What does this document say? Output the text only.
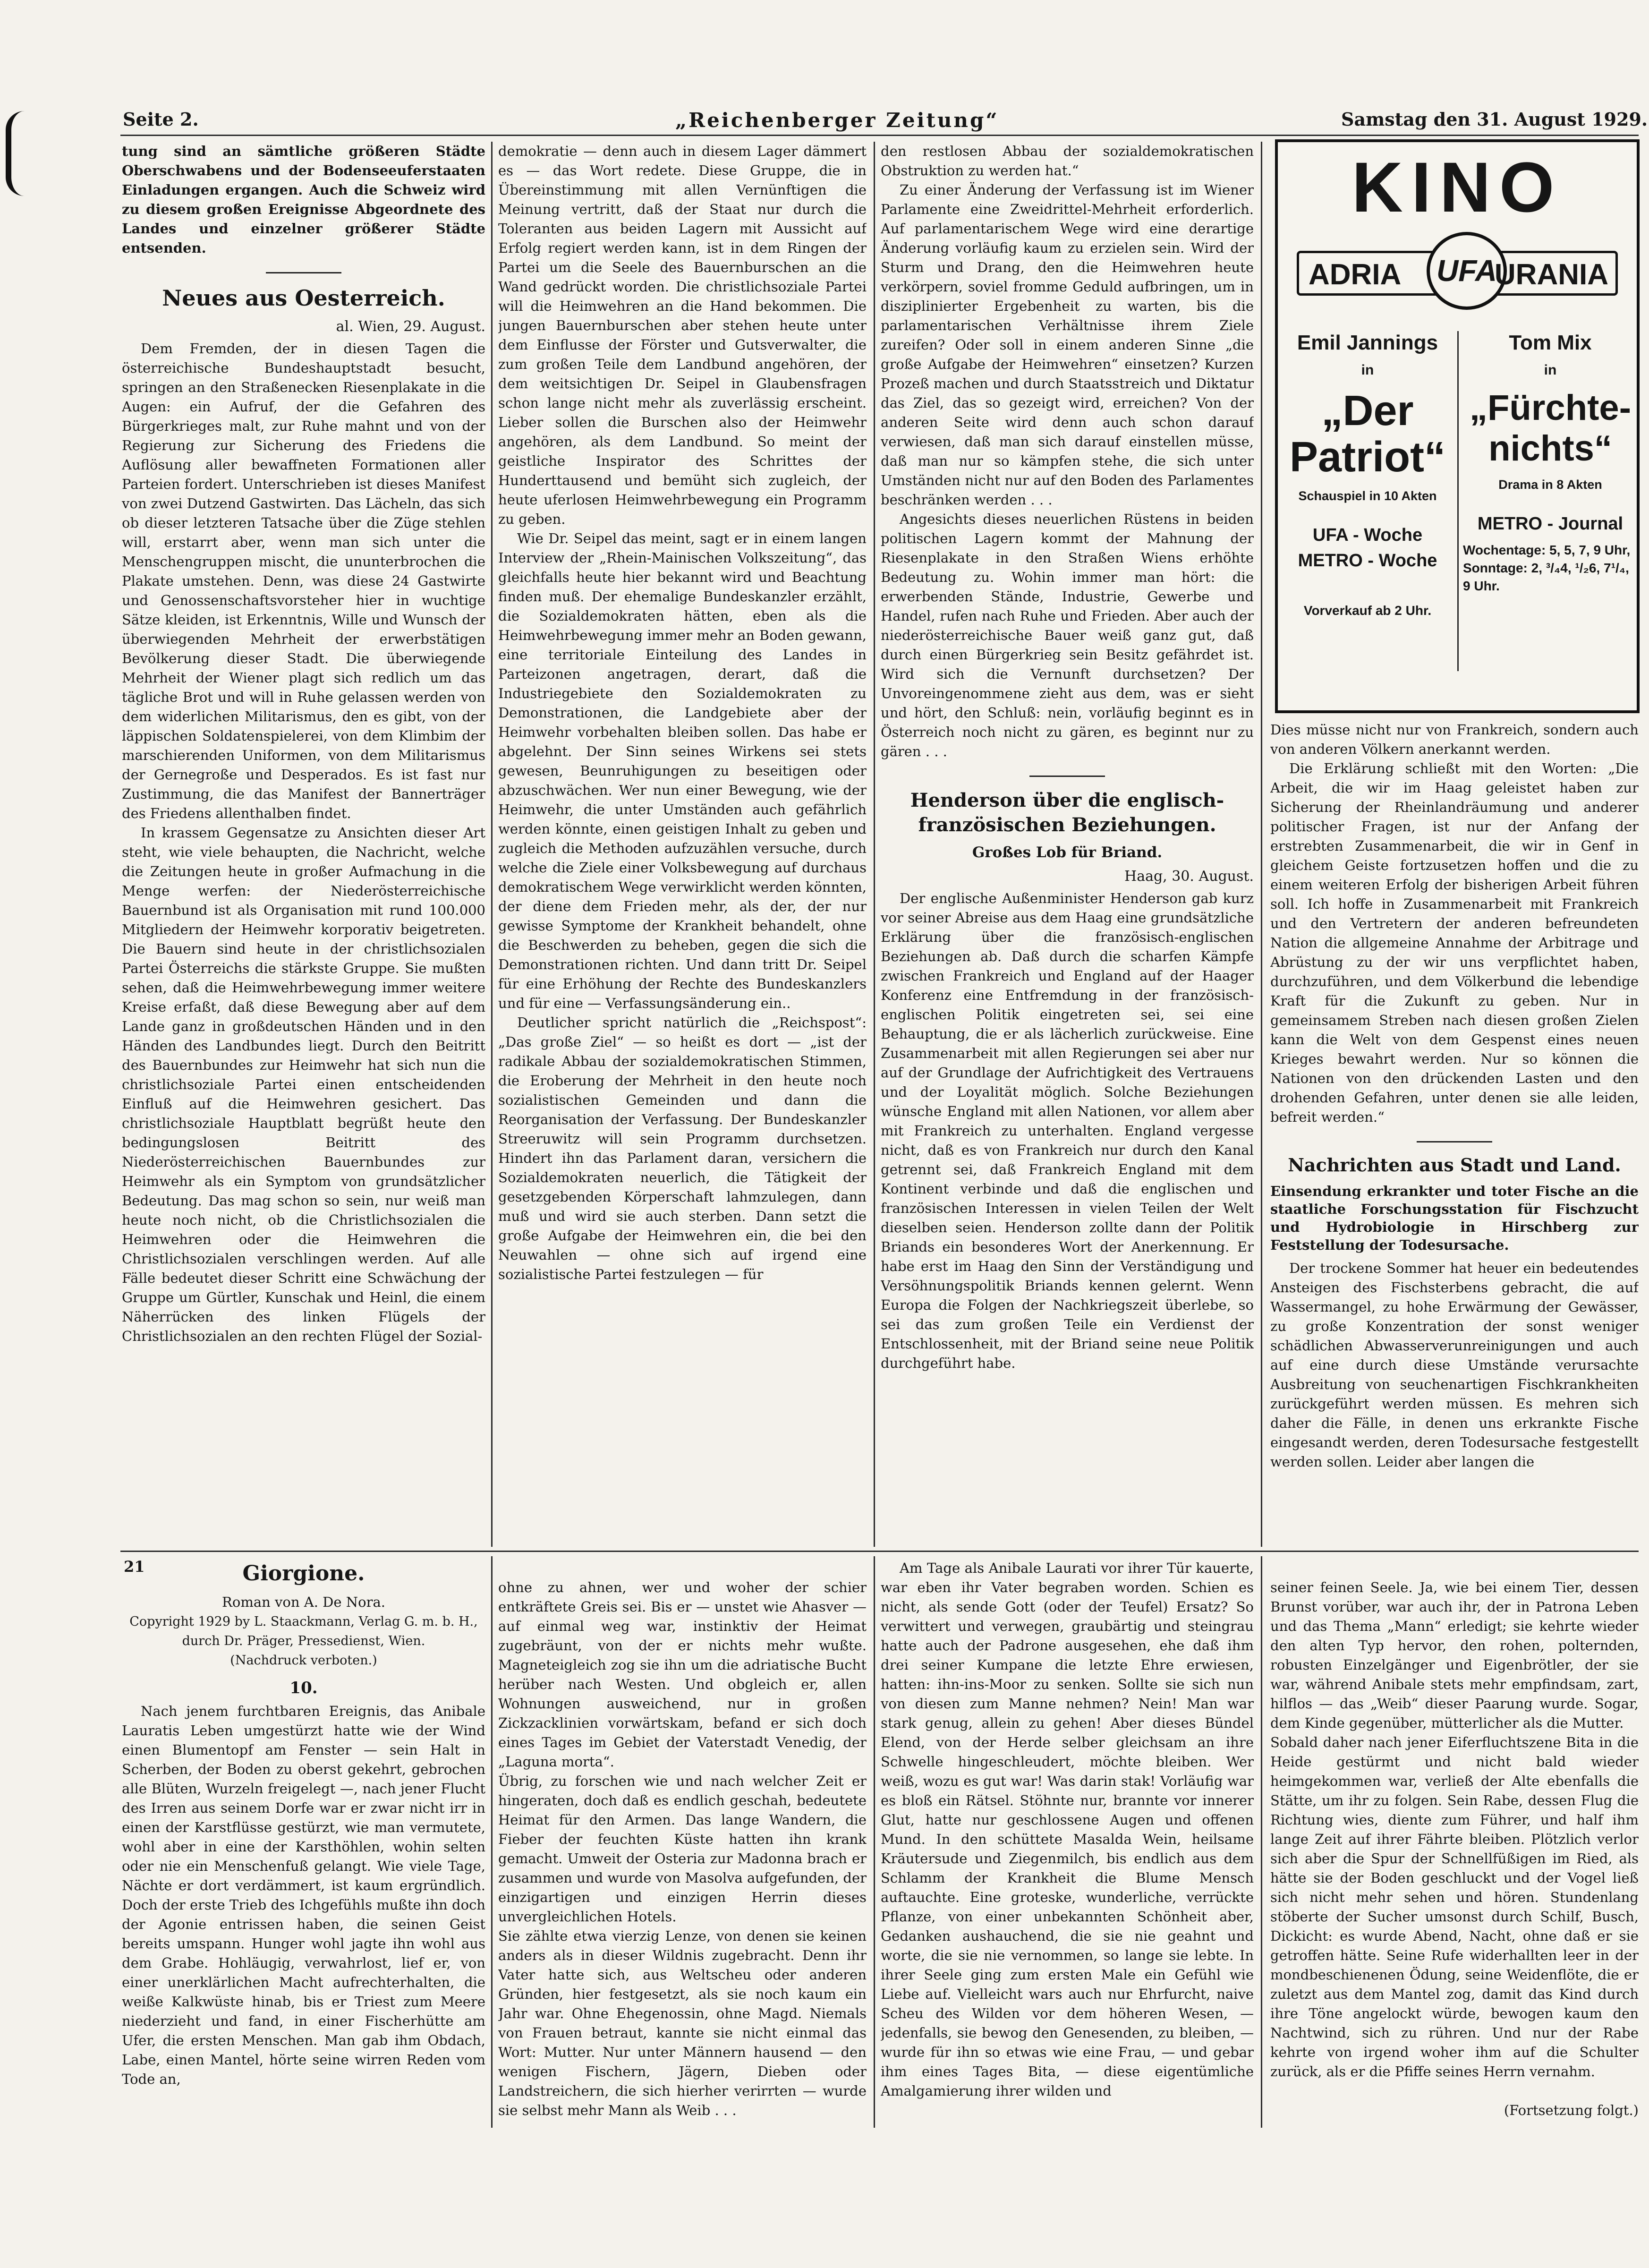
Seite 2.	„Reichenberger Zeitung“	Samstag den 31. August 1929.

tung sind an sämtliche größeren Städte Oberschwabens und der Bodenseeuferstaaten Einladungen ergangen. Auch die Schweiz wird zu diesem großen Ereignisse Abgeordnete des Landes und einzelner größerer Städte entsenden.

Neues aus Oesterreich.
al. Wien, 29. August.

Dem Fremden, der in diesen Tagen die österreichische Bundeshauptstadt besucht, springen an den Straßenecken Riesenplakate in die Augen: ein Aufruf, der die Gefahren des Bürgerkrieges malt, zur Ruhe mahnt und von der Regierung zur Sicherung des Friedens die Auflösung aller bewaffneten Formationen aller Parteien fordert. Unterschrieben ist dieses Manifest von zwei Dutzend Gastwirten. Das Lächeln, das sich ob dieser letzteren Tatsache über die Züge stehlen will, erstarrt aber, wenn man sich unter die Menschengruppen mischt, die ununterbrochen die Plakate umstehen. Denn, was diese 24 Gastwirte und Genossenschaftsvorsteher hier in wuchtige Sätze kleiden, ist Erkenntnis, Wille und Wunsch der überwiegenden Mehrheit der erwerbstätigen Bevölkerung dieser Stadt. Die überwiegende Mehrheit der Wiener plagt sich redlich um das tägliche Brot und will in Ruhe gelassen werden von dem widerlichen Militarismus, den es gibt, von der läppischen Soldatenspielerei, von dem Klimbim der marschierenden Uniformen, von dem Militarismus der Gernegroße und Desperados. Es ist fast nur Zustimmung, die das Manifest der Bannerträger des Friedens allenthalben findet.

In krassem Gegensatze zu Ansichten dieser Art steht, wie viele behaupten, die Nachricht, welche die Zeitungen heute in großer Aufmachung in die Menge werfen: der Niederösterreichische Bauernbund ist als Organisation mit rund 100.000 Mitgliedern der Heimwehr korporativ beigetreten. Die Bauern sind heute in der christlichsozialen Partei Österreichs die stärkste Gruppe. Sie mußten sehen, daß die Heimwehrbewegung immer weitere Kreise erfaßt, daß diese Bewegung aber auf dem Lande ganz in großdeutschen Händen und in den Händen des Landbundes liegt. Durch den Beitritt des Bauernbundes zur Heimwehr hat sich nun die christlichsoziale Partei einen entscheidenden Einfluß auf die Heimwehren gesichert. Das christlichsoziale Hauptblatt begrüßt heute den bedingungslosen Beitritt des Niederösterreichischen Bauernbundes zur Heimwehr als ein Symptom von grundsätzlicher Bedeutung. Das mag schon so sein, nur weiß man heute noch nicht, ob die Christlichsozialen die Heimwehren oder die Heimwehren die Christlichsozialen verschlingen werden. Auf alle Fälle bedeutet dieser Schritt eine Schwächung der Gruppe um Gürtler, Kunschak und Heinl, die einem Näherrücken des linken Flügels der Christlichsozialen an den rechten Flügel der Sozial-

demokratie — denn auch in diesem Lager dämmert es — das Wort redete. Diese Gruppe, die in Übereinstimmung mit allen Vernünftigen die Meinung vertritt, daß der Staat nur durch die Toleranten aus beiden Lagern mit Aussicht auf Erfolg regiert werden kann, ist in dem Ringen der Partei um die Seele des Bauernburschen an die Wand gedrückt worden. Die christlichsoziale Partei will die Heimwehren an die Hand bekommen. Die jungen Bauernburschen aber stehen heute unter dem Einflusse der Förster und Gutsverwalter, die zum großen Teile dem Landbund angehören, der dem weitsichtigen Dr. Seipel in Glaubensfragen schon lange nicht mehr als zuverlässig erscheint. Lieber sollen die Burschen also der Heimwehr angehören, als dem Landbund. So meint der geistliche Inspirator des Schrittes der Hunderttausend und bemüht sich zugleich, der heute uferlosen Heimwehrbewegung ein Programm zu geben.

Wie Dr. Seipel das meint, sagt er in einem langen Interview der „Rhein-Mainischen Volkszeitung“, das gleichfalls heute hier bekannt wird und Beachtung finden muß. Der ehemalige Bundeskanzler erzählt, die Sozialdemokraten hätten, eben als die Heimwehrbewegung immer mehr an Boden gewann, eine territoriale Einteilung des Landes in Parteizonen angetragen, derart, daß die Industriegebiete den Sozialdemokraten zu Demonstrationen, die Landgebiete aber der Heimwehr vorbehalten bleiben sollen. Das habe er abgelehnt. Der Sinn seines Wirkens sei stets gewesen, Beunruhigungen zu beseitigen oder abzuschwächen. Wer nun einer Bewegung, wie der Heimwehr, die unter Umständen auch gefährlich werden könnte, einen geistigen Inhalt zu geben und zugleich die Methoden aufzuzählen versuche, durch welche die Ziele einer Volksbewegung auf durchaus demokratischem Wege verwirklicht werden könnten, der diene dem Frieden mehr, als der, der nur gewisse Symptome der Krankheit behandelt, ohne die Beschwerden zu beheben, gegen die sich die Demonstrationen richten. Und dann tritt Dr. Seipel für eine Erhöhung der Rechte des Bundeskanzlers und für eine — Verfassungsänderung ein..

Deutlicher spricht natürlich die „Reichspost“: „Das große Ziel“ — so heißt es dort — „ist der radikale Abbau der sozialdemokratischen Stimmen, die Eroberung der Mehrheit in den heute noch sozialistischen Gemeinden und dann die Reorganisation der Verfassung. Der Bundeskanzler Streeruwitz will sein Programm durchsetzen. Hindert ihn das Parlament daran, versichern die Sozialdemokraten neuerlich, die Tätigkeit der gesetzgebenden Körperschaft lahmzulegen, dann muß und wird sie auch sterben. Dann setzt die große Aufgabe der Heimwehren ein, die bei den Neuwahlen — ohne sich auf irgend eine sozialistische Partei festzulegen — für

den restlosen Abbau der sozialdemokratischen Obstruktion zu werden hat.“

Zu einer Änderung der Verfassung ist im Wiener Parlamente eine Zweidrittel-Mehrheit erforderlich. Auf parlamentarischem Wege wird eine derartige Änderung vorläufig kaum zu erzielen sein. Wird der Sturm und Drang, den die Heimwehren heute verkörpern, soviel fromme Geduld aufbringen, um in disziplinierter Ergebenheit zu warten, bis die parlamentarischen Verhältnisse ihrem Ziele zureifen? Oder soll in einem anderen Sinne „die große Aufgabe der Heimwehren“ einsetzen? Kurzen Prozeß machen und durch Staatsstreich und Diktatur das Ziel, das so gezeigt wird, erreichen? Von der anderen Seite wird denn auch schon darauf verwiesen, daß man sich darauf einstellen müsse, daß man nur so kämpfen stehe, die sich unter Umständen nicht nur auf den Boden des Parlamentes beschränken werden . . .

Angesichts dieses neuerlichen Rüstens in beiden politischen Lagern kommt der Mahnung der Riesenplakate in den Straßen Wiens erhöhte Bedeutung zu. Wohin immer man hört: die erwerbenden Stände, Industrie, Gewerbe und Handel, rufen nach Ruhe und Frieden. Aber auch der niederösterreichische Bauer weiß ganz gut, daß durch einen Bürgerkrieg sein Besitz gefährdet ist. Wird sich die Vernunft durchsetzen? Der Unvoreingenommene zieht aus dem, was er sieht und hört, den Schluß: nein, vorläufig beginnt es in Österreich noch nicht zu gären, es beginnt nur zu gären . . .

Henderson über die englisch-französischen Beziehungen.
Großes Lob für Briand.
Haag, 30. August.

Der englische Außenminister Henderson gab kurz vor seiner Abreise aus dem Haag eine grundsätzliche Erklärung über die französisch-englischen Beziehungen ab. Daß durch die scharfen Kämpfe zwischen Frankreich und England auf der Haager Konferenz eine Entfremdung in der französisch-englischen Politik eingetreten sei, sei eine Behauptung, die er als lächerlich zurückweise. Eine Zusammenarbeit mit allen Regierungen sei aber nur auf der Grundlage der Aufrichtigkeit des Vertrauens und der Loyalität möglich. Solche Beziehungen wünsche England mit allen Nationen, vor allem aber mit Frankreich zu unterhalten. England vergesse nicht, daß es von Frankreich nur durch den Kanal getrennt sei, daß Frankreich England mit dem Kontinent verbinde und daß die englischen und französischen Interessen in vielen Teilen der Welt dieselben seien. Henderson zollte dann der Politik Briands ein besonderes Wort der Anerkennung. Er habe erst im Haag den Sinn der Verständigung und Versöhnungspolitik Briands kennen gelernt. Wenn Europa die Folgen der Nachkriegszeit überlebe, so sei das zum großen Teile ein Verdienst der Entschlossenheit, mit der Briand seine neue Politik durchgeführt habe.

KINO
ADRIA	UFA
URANIA
Emil Jannings
in
„Der Patriot“
Schauspiel in 10 Akten
UFA - Woche
METRO - Woche
Vorverkauf ab 2 Uhr.
Tom Mix
in
„Fürchte-nichts“
Drama in 8 Akten
METRO - Journal
Wochentage: 5, 5, 7, 9 Uhr, Sonntage: 2, ³/₄4, ¹/₂6, 7¹/₄, 9 Uhr.

Dies müsse nicht nur von Frankreich, sondern auch von anderen Völkern anerkannt werden.

Die Erklärung schließt mit den Worten: „Die Arbeit, die wir im Haag geleistet haben zur Sicherung der Rheinlandräumung und anderer politischer Fragen, ist nur der Anfang der erstrebten Zusammenarbeit, die wir in Genf in gleichem Geiste fortzusetzen hoffen und die zu einem weiteren Erfolg der bisherigen Arbeit führen soll. Ich hoffe in Zusammenarbeit mit Frankreich und den Vertretern der anderen befreundeten Nation die allgemeine Annahme der Arbitrage und Abrüstung zu der wir uns verpflichtet haben, durchzuführen, und dem Völkerbund die lebendige Kraft für die Zukunft zu geben. Nur in gemeinsamem Streben nach diesen großen Zielen kann die Welt von dem Gespenst eines neuen Krieges bewahrt werden. Nur so können die Nationen von den drückenden Lasten und den drohenden Gefahren, unter denen sie alle leiden, befreit werden.“

Nachrichten aus Stadt und Land.
Einsendung erkrankter und toter Fische an die staatliche Forschungsstation für Fischzucht und Hydrobiologie in Hirschberg zur Feststellung der Todesursache.

Der trockene Sommer hat heuer ein bedeutendes Ansteigen des Fischsterbens gebracht, die auf Wassermangel, zu hohe Erwärmung der Gewässer, zu große Konzentration der sonst weniger schädlichen Abwasserverunreinigungen und auch auf eine durch diese Umstände verursachte Ausbreitung von seuchenartigen Fischkrankheiten zurückgeführt werden müssen. Es mehren sich daher die Fälle, in denen uns erkrankte Fische eingesandt werden, deren Todesursache festgestellt werden sollen. Leider aber langen die

21	Giorgione.
Roman von A. De Nora.
Copyright 1929 by L. Staackmann, Verlag G. m. b. H., durch Dr. Präger, Pressedienst, Wien.
(Nachdruck verboten.)
10.

Nach jenem furchtbaren Ereignis, das Anibale Lauratis Leben umgestürzt hatte wie der Wind einen Blumentopf am Fenster — sein Halt in Scherben, der Boden zu oberst gekehrt, gebrochen alle Blüten, Wurzeln freigelegt —, nach jener Flucht des Irren aus seinem Dorfe war er zwar nicht irr in einen der Karstflüsse gestürzt, wie man vermutete, wohl aber in eine der Karsthöhlen, wohin selten oder nie ein Menschenfuß gelangt. Wie viele Tage, Nächte er dort verdämmert, ist kaum ergründlich. Doch der erste Trieb des Ichgefühls mußte ihn doch der Agonie entrissen haben, die seinen Geist bereits umspann. Hunger wohl jagte ihn wohl aus dem Grabe. Hohläugig, verwahrlost, lief er, von einer unerklärlichen Macht aufrechterhalten, die weiße Kalkwüste hinab, bis er Triest zum Meere niederzieht und fand, in einer Fischerhütte am Ufer, die ersten Menschen. Man gab ihm Obdach, Labe, einen Mantel, hörte seine wirren Reden vom Tode an,

ohne zu ahnen, wer und woher der schier entkräftete Greis sei. Bis er — unstet wie Ahasver — auf einmal weg war, instinktiv der Heimat zugebräunt, von der er nichts mehr wußte. Magneteigleich zog sie ihn um die adriatische Bucht herüber nach Westen. Und obgleich er, allen Wohnungen ausweichend, nur in großen Zickzacklinien vorwärtskam, befand er sich doch eines Tages im Gebiet der Vaterstadt Venedig, der „Laguna morta“.
Übrig, zu forschen wie und nach welcher Zeit er hingeraten, doch daß es endlich geschah, bedeutete Heimat für den Armen. Das lange Wandern, die Fieber der feuchten Küste hatten ihn krank gemacht. Umweit der Osteria zur Madonna brach er zusammen und wurde von Masolva aufgefunden, der einzigartigen und einzigen Herrin dieses unvergleichlichen Hotels.
Sie zählte etwa vierzig Lenze, von denen sie keinen anders als in dieser Wildnis zugebracht. Denn ihr Vater hatte sich, aus Weltscheu oder anderen Gründen, hier festgesetzt, als sie noch kaum ein Jahr war. Ohne Ehegenossin, ohne Magd. Niemals von Frauen betraut, kannte sie nicht einmal das Wort: Mutter. Nur unter Männern hausend — den wenigen Fischern, Jägern, Dieben oder Landstreichern, die sich hierher verirrten — wurde sie selbst mehr Mann als Weib . . .

Am Tage als Anibale Laurati vor ihrer Tür kauerte, war eben ihr Vater begraben worden. Schien es nicht, als sende Gott (oder der Teufel) Ersatz? So verwittert und verwegen, graubärtig und steingrau hatte auch der Padrone ausgesehen, ehe daß ihm drei seiner Kumpane die letzte Ehre erwiesen, hatten: ihn-ins-Moor zu senken. Sollte sie sich nun von diesen zum Manne nehmen? Nein! Man war stark genug, allein zu gehen! Aber dieses Bündel Elend, von der Herde selber gleichsam an ihre Schwelle hingeschleudert, möchte bleiben. Wer weiß, wozu es gut war! Was darin stak! Vorläufig war es bloß ein Rätsel. Stöhnte nur, brannte vor innerer Glut, hatte nur geschlossene Augen und offenen Mund. In den schüttete Masalda Wein, heilsame Kräutersude und Ziegenmilch, bis endlich aus dem Schlamm der Krankheit die Blume Mensch auftauchte. Eine groteske, wunderliche, verrückte Pflanze, von einer unbekannten Schönheit aber, Gedanken aushauchend, die sie nie geahnt und worte, die sie nie vernommen, so lange sie lebte. In ihrer Seele ging zum ersten Male ein Gefühl wie Liebe auf. Vielleicht wars auch nur Ehrfurcht, naive Scheu des Wilden vor dem höheren Wesen, — jedenfalls, sie bewog den Genesenden, zu bleiben, — wurde für ihn so etwas wie eine Frau, — und gebar ihm eines Tages Bita, — diese eigentümliche Amalgamierung ihrer wilden und

seiner feinen Seele. Ja, wie bei einem Tier, dessen Brunst vorüber, war auch ihr, der in Patrona Leben und das Thema „Mann“ erledigt; sie kehrte wieder den alten Typ hervor, den rohen, polternden, robusten Einzelgänger und Eigenbrötler, der sie war, während Anibale stets mehr empfindsam, zart, hilflos — das „Weib“ dieser Paarung wurde. Sogar, dem Kinde gegenüber, mütterlicher als die Mutter.
Sobald daher nach jener Eiferfluchtszene Bita in die Heide gestürmt und nicht bald wieder heimgekommen war, verließ der Alte ebenfalls die Stätte, um ihr zu folgen. Sein Rabe, dessen Flug die Richtung wies, diente zum Führer, und half ihm lange Zeit auf ihrer Fährte bleiben. Plötzlich verlor sich aber die Spur der Schnellfüßigen im Ried, als hätte sie der Boden geschluckt und der Vogel ließ sich nicht mehr sehen und hören. Stundenlang stöberte der Sucher umsonst durch Schilf, Busch, Dickicht: es wurde Abend, Nacht, ohne daß er sie getroffen hätte. Seine Rufe widerhallten leer in der mondbeschienenen Ödung, seine Weidenflöte, die er zuletzt aus dem Mantel zog, damit das Kind durch ihre Töne angelockt würde, bewogen kaum den Nachtwind, sich zu rühren. Und nur der Rabe kehrte von irgend woher ihm auf die Schulter zurück, als er die Pfiffe seines Herrn vernahm.

(Fortsetzung folgt.)
